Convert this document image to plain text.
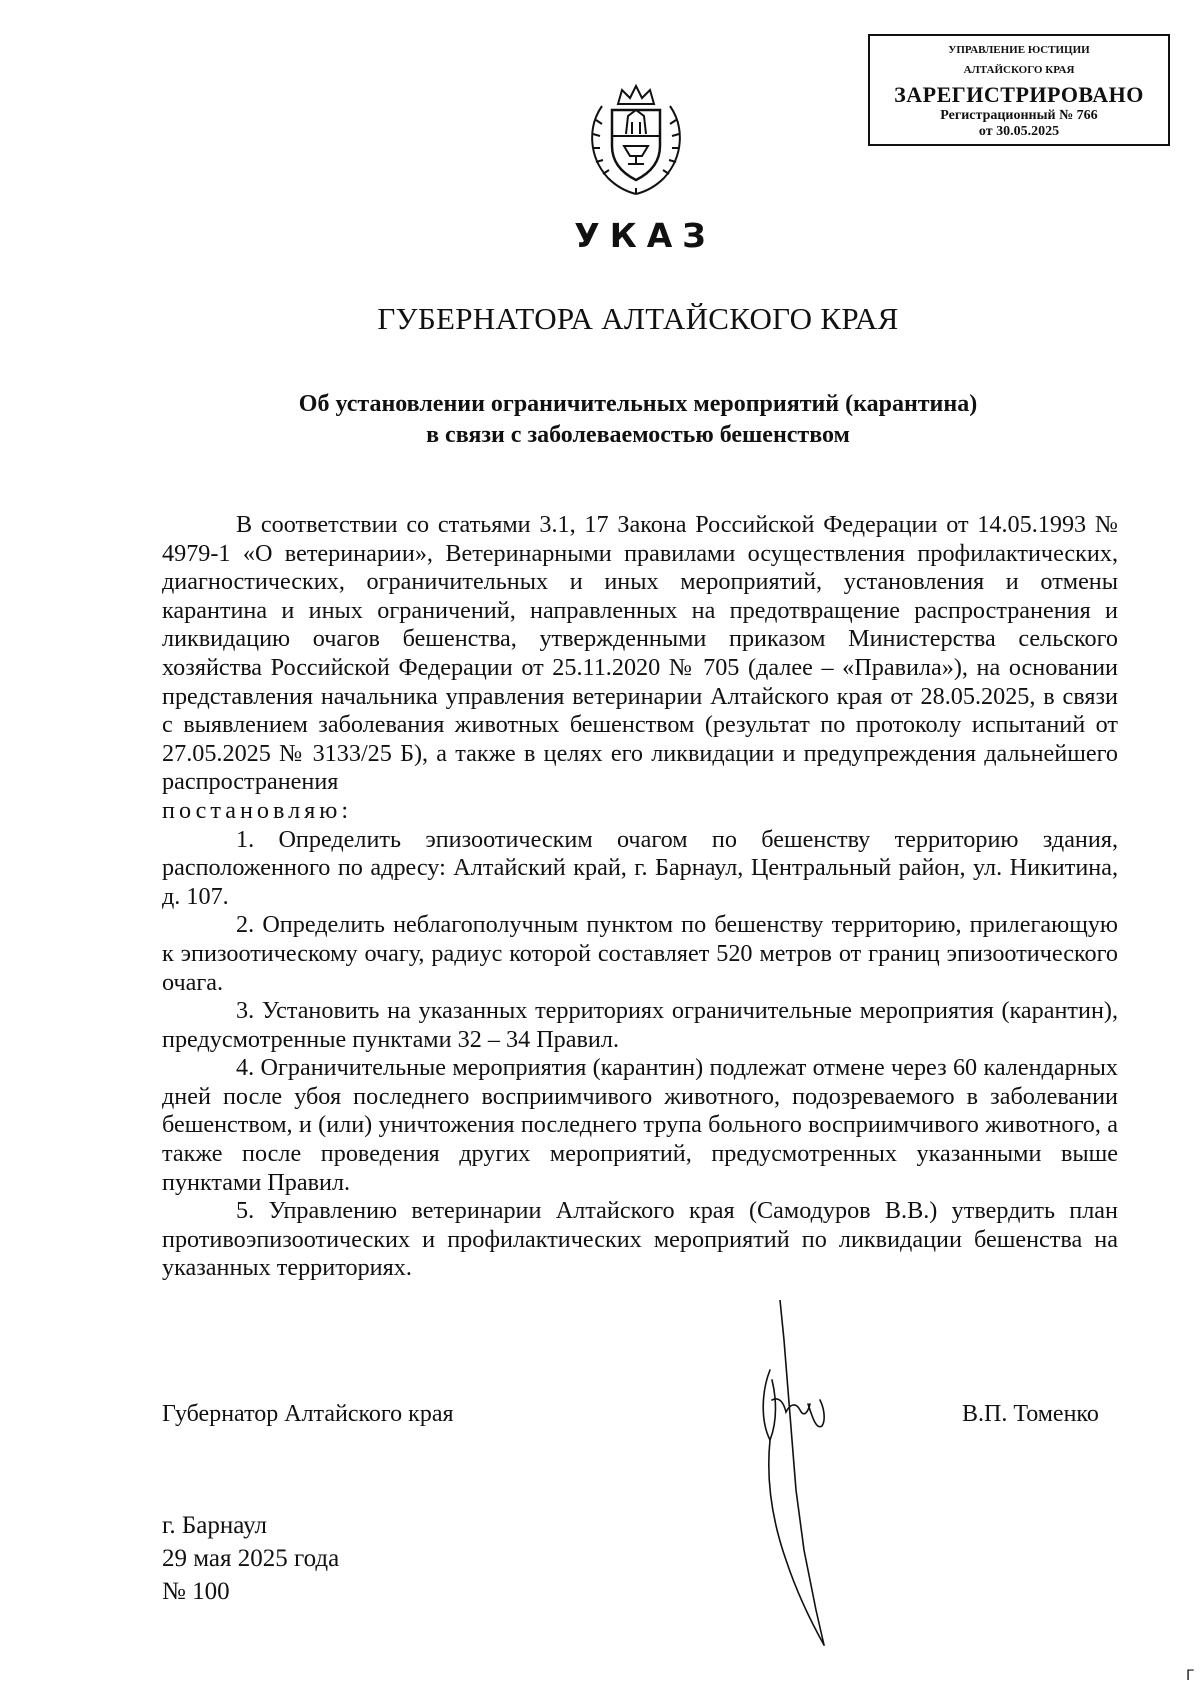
УПРАВЛЕНИЕ ЮСТИЦИИ
АЛТАЙСКОГО КРАЯ
ЗАРЕГИСТРИРОВАНО
Регистрационный № 766
от 30.05.2025
УКАЗ
ГУБЕРНАТОРА АЛТАЙСКОГО КРАЯ
Об установлении ограничительных мероприятий (карантина)
в связи с заболеваемостью бешенством

В соответствии со статьями 3.1, 17 Закона Российской Федерации от 14.05.1993 № 4979-1 «О ветеринарии», Ветеринарными правилами осуществления профилактических, диагностических, ограничительных и иных мероприятий, установления и отмены карантина и иных ограничений, направленных на предотвращение распространения и ликвидацию очагов бешенства, утвержденными приказом Министерства сельского хозяйства Российской Федерации от 25.11.2020 № 705 (далее – «Правила»), на основании представления начальника управления ветеринарии Алтайского края от 28.05.2025, в связи с выявлением заболевания животных бешенством (результат по протоколу испытаний от 27.05.2025 № 3133/25 Б), а также в целях его ликвидации и предупреждения дальнейшего распространения

постановляю:

1. Определить эпизоотическим очагом по бешенству территорию здания, расположенного по адресу: Алтайский край, г. Барнаул, Центральный район, ул. Никитина, д. 107.

2. Определить неблагополучным пунктом по бешенству территорию, прилегающую к эпизоотическому очагу, радиус которой составляет 520 метров от границ эпизоотического очага.

3. Установить на указанных территориях ограничительные мероприятия (карантин), предусмотренные пунктами 32 – 34 Правил.

4. Ограничительные мероприятия (карантин) подлежат отмене через 60 календарных дней после убоя последнего восприимчивого животного, подозреваемого в заболевании бешенством, и (или) уничтожения последнего трупа больного восприимчивого животного, а также после проведения других мероприятий, предусмотренных указанными выше пунктами Правил.

5. Управлению ветеринарии Алтайского края (Самодуров В.В.) утвердить план противоэпизоотических и профилактических мероприятий по ликвидации бешенства на указанных территориях.

Губернатор Алтайского края	В.П. Томенко
г. Барнаул
29 мая 2025 года
№ 100
Г
